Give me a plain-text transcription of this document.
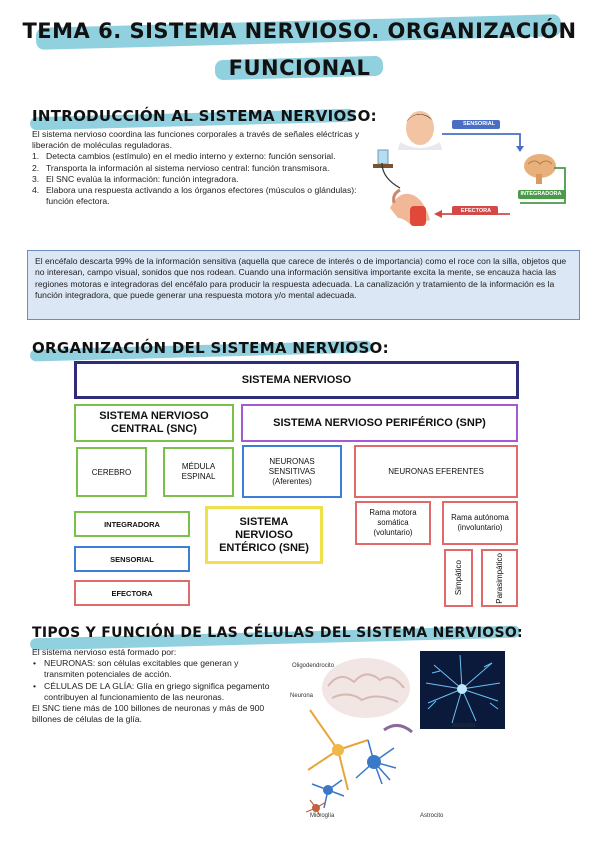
TEMA 6. SISTEMA NERVIOSO. ORGANIZACIÓN
FUNCIONAL
INTRODUCCIÓN AL SISTEMA NERVIOSO:

El sistema nervioso coordina las funciones corporales a través de señales eléctricas y liberación de moléculas reguladoras.

1. Detecta cambios (estímulo) en el medio interno y externo: función sensorial.
2. Transporta la información al sistema nervioso central: función transmisora.
3. El SNC evalúa la información: función integradora.
4. Elabora una respuesta activando a los órganos efectores (músculos o glándulas): función efectora.
SENSORIAL
INTEGRADORA
EFECTORA

El encéfalo descarta 99% de la información sensitiva (aquella que carece de interés o de importancia) como el roce con la silla, objetos que no interesan, campo visual, sonidos que nos rodean. Cuando una información sensitiva importante excita la mente, se encauza hacia las regiones motoras e integradoras del encéfalo para producir la respuesta adecuada. La canalización y tratamiento de la información es la función integradora, que puede generar una respuesta motora y/o mental adecuada.

ORGANIZACIÓN DEL SISTEMA NERVIOSO:
SISTEMA NERVIOSO
SISTEMA NERVIOSO CENTRAL (SNC)	SISTEMA NERVIOSO PERIFÉRICO (SNP)
CEREBRO
MÉDULA ESPINAL
NEURONAS SENSITIVAS
(Aferentes)
NEURONAS EFERENTES
INTEGRADORA
SENSORIAL
EFECTORA
SISTEMA NERVIOSO ENTÉRICO (SNE)
Rama motora somática (voluntario)
Rama autónoma (involuntario)
Simpático	Parasimpático
TIPOS Y FUNCIÓN DE LAS CÉLULAS DEL SISTEMA NERVIOSO:

El sistema nervioso está formado por:

• NEURONAS: son células excitables que generan y transmiten potenciales de acción.
• CÉLULAS DE LA GLÍA: Glía en griego significa pegamento contribuyen al funcionamiento de las neuronas.

El SNC tiene más de 100 billones de neuronas y más de 900 billones de células de la glía.

Oligodendrocito
Neurona
Astrocito
Microglía	Astrocito
